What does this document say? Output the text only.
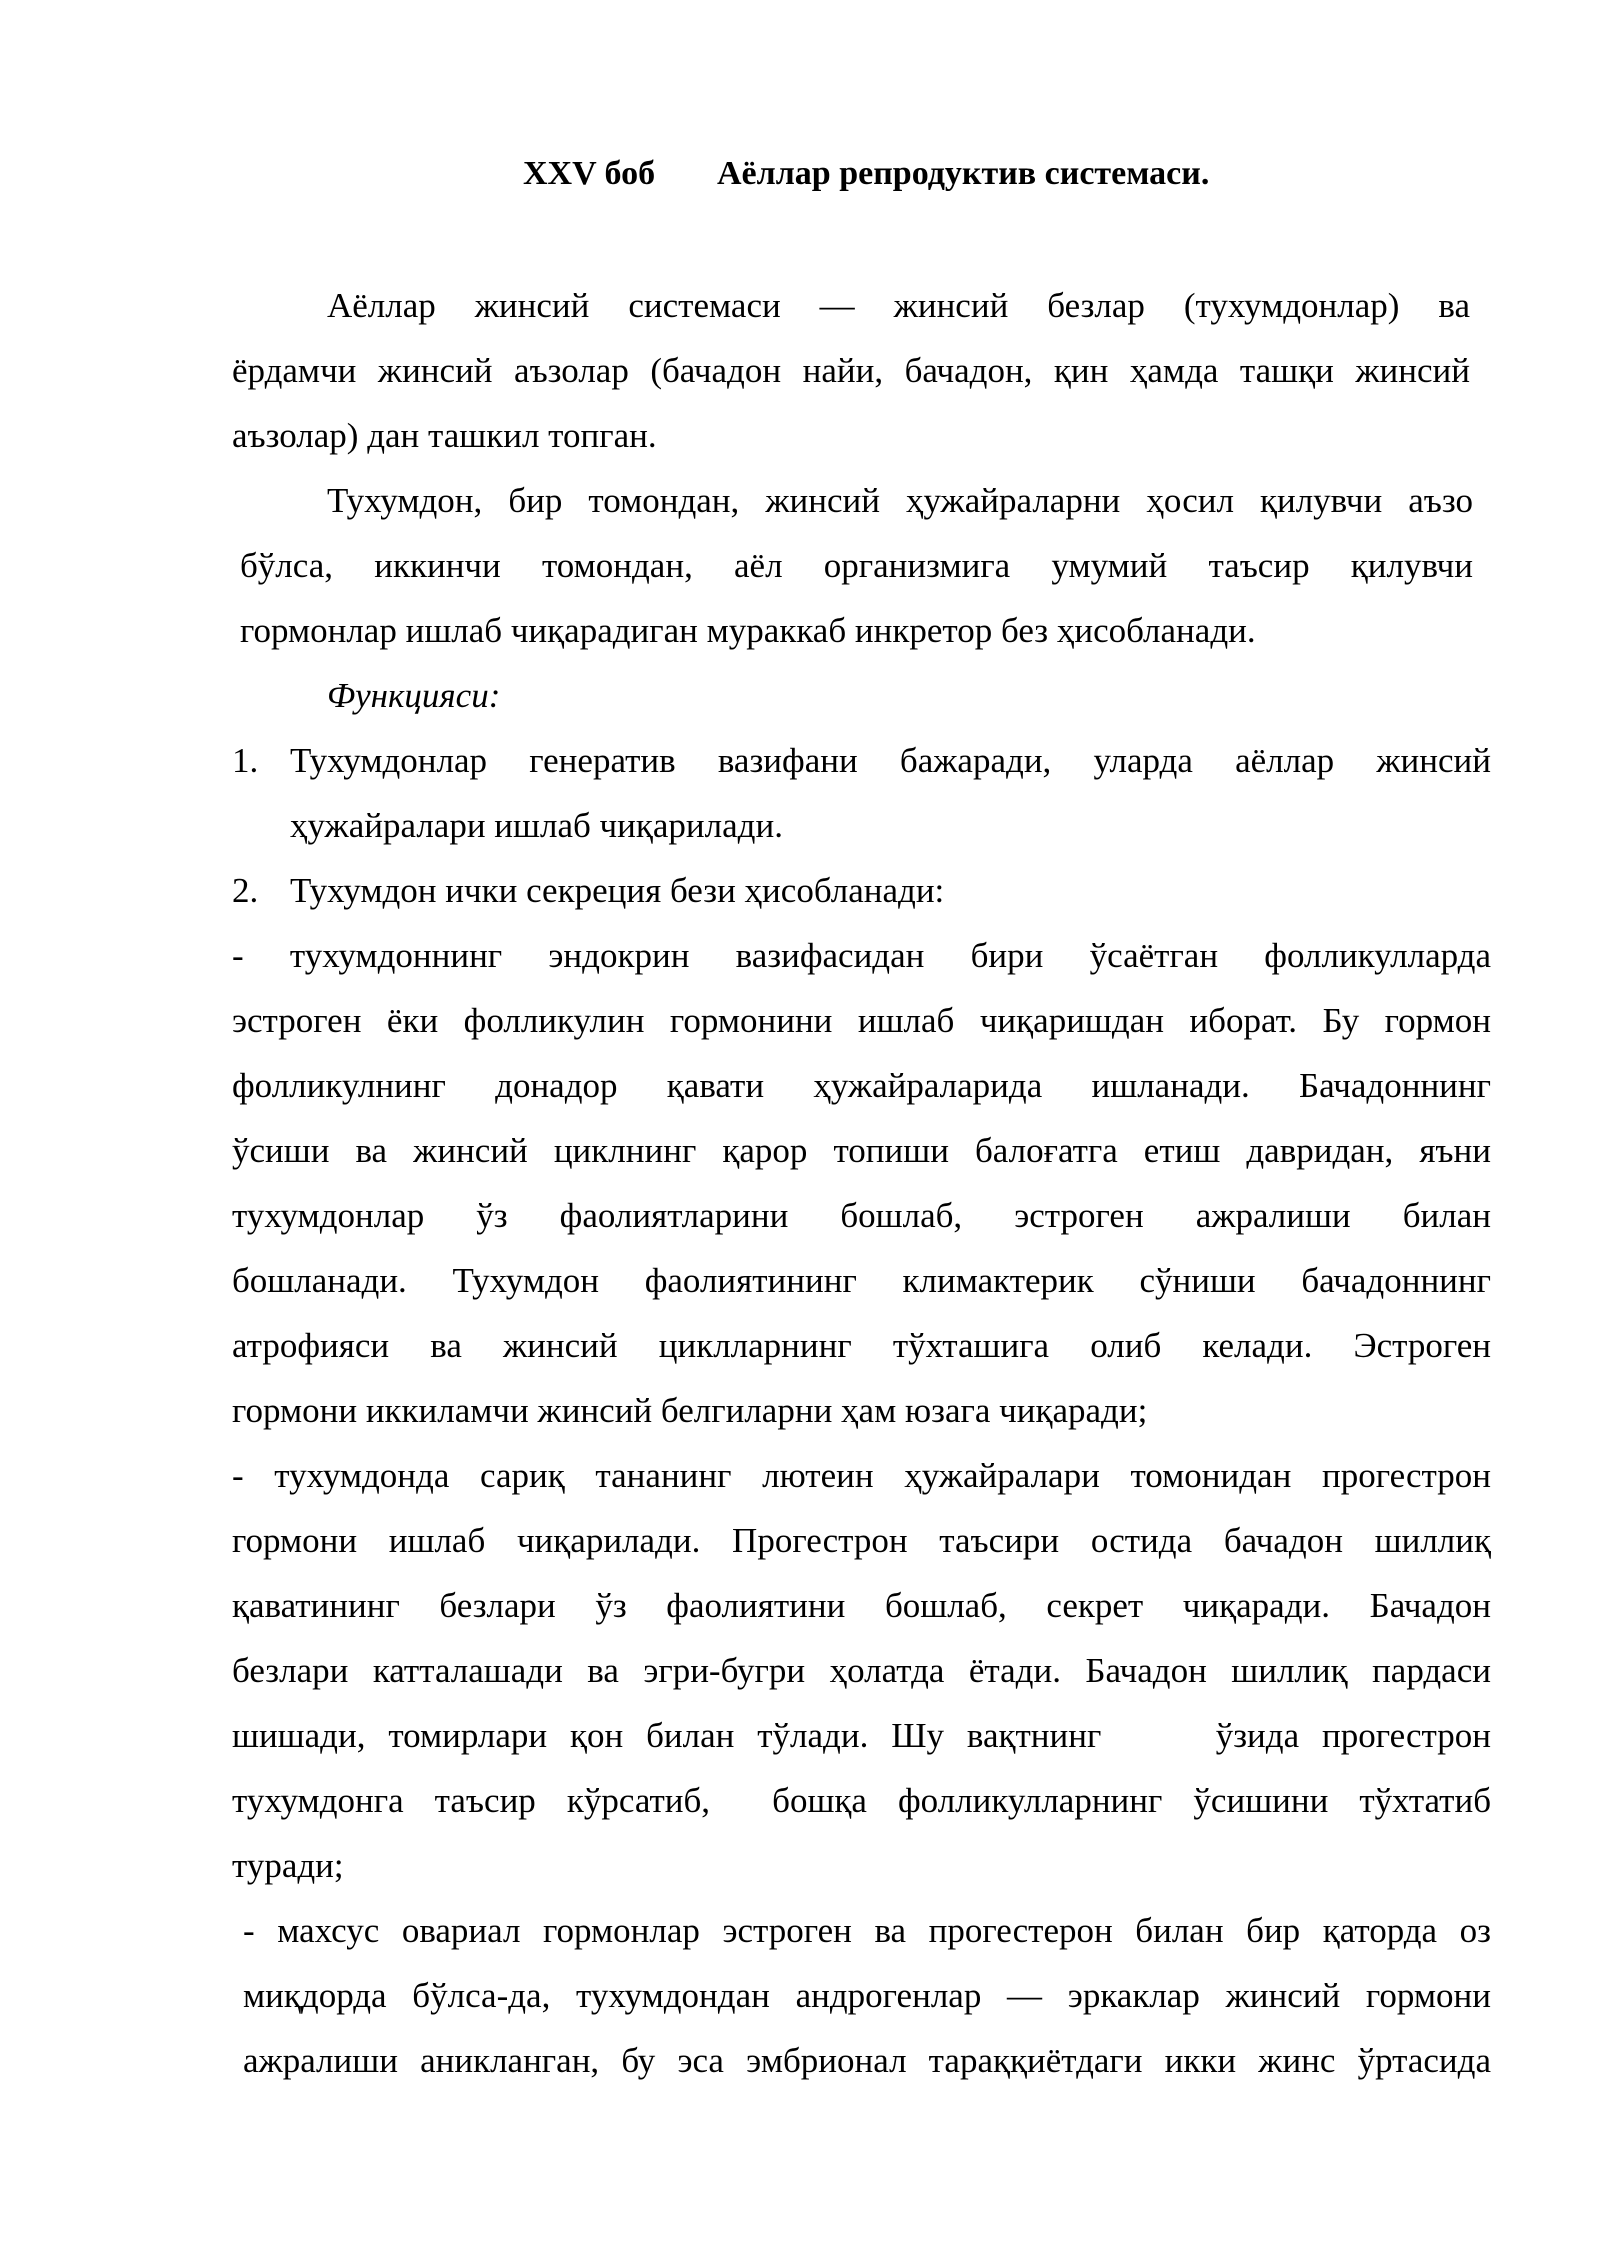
XXV боб Аёллар репродуктив системаси.
Аёллар жинсий системаси — жинсий безлар (тухумдонлар) ва
ёрдамчи жинсий аъзолар (бачадон найи, бачадон, қин ҳамда ташқи жинсий
аъзолар) дан ташкил топган.
Тухумдон, бир томондан, жинсий ҳужайраларни ҳосил қилувчи аъзо
бўлса, иккинчи томондан, аёл организмига умумий таъсир қилувчи
гормонлар ишлаб чиқарадиган мураккаб инкретор без ҳисобланади.
Функцияси:
1. Тухумдонлар генератив вазифани бажаради, уларда аёллар жинсий
ҳужайралари ишлаб чиқарилади.
2. Тухумдон ички секреция бези ҳисобланади:
- тухумдоннинг эндокрин вазифасидан бири ўсаётган фолликулларда
эстроген ёки фолликулин гормонини ишлаб чиқаришдан иборат. Бу гормон
фолликулнинг донадор қавати ҳужайраларида ишланади. Бачадоннинг
ўсиши ва жинсий циклнинг қарор топиши балоғатга етиш давридан, яъни
тухумдонлар ўз фаолиятларини бошлаб, эстроген ажралиши билан
бошланади. Тухумдон фаолиятининг климактерик сўниши бачадоннинг
атрофияси ва жинсий циклларнинг тўхташига олиб келади. Эстроген
гормони иккиламчи жинсий белгиларни ҳам юзага чиқаради;
- тухумдонда сариқ тананинг лютеин ҳужайралари томонидан прогестрон
гормони ишлаб чиқарилади. Прогестрон таъсири остида бачадон шиллиқ
қаватининг безлари ўз фаолиятини бошлаб, секрет чиқаради. Бачадон
безлари катталашади ва эгри-бугри ҳолатда ётади. Бачадон шиллиқ пардаси
шишади, томирлари қон билан тўлади. Шу вақтнинг     ўзида прогестрон
тухумдонга таъсир кўрсатиб,  бошқа фолликулларнинг ўсишини тўхтатиб
туради;
- махсус овариал гормонлар эстроген ва прогестерон билан бир қаторда оз
миқдорда бўлса-да, тухумдондан андрогенлар — эркаклар жинсий гормони
ажралиши аникланган, бу эса эмбрионал тараққиётдаги икки жинс ўртасида
